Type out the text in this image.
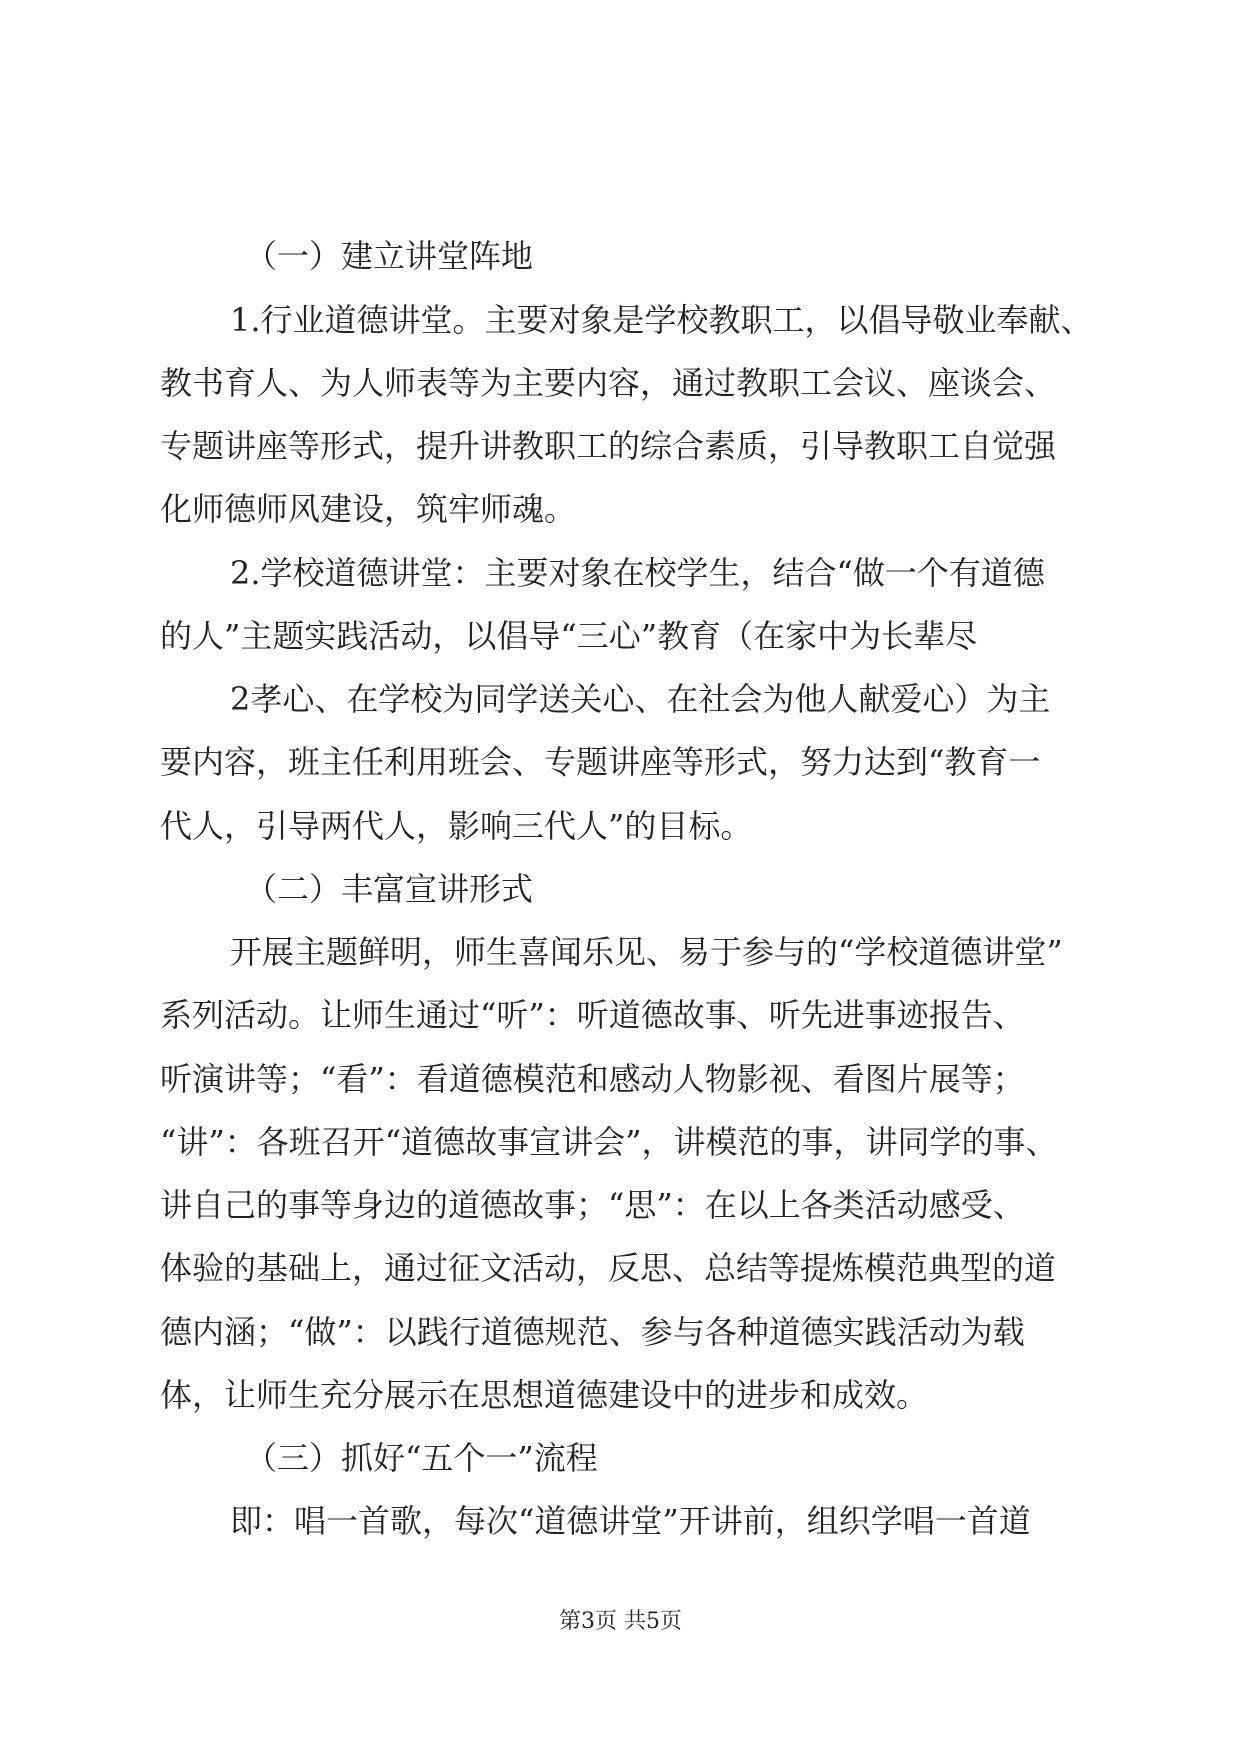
（一）建立讲堂阵地
1.行业道德讲堂。主要对象是学校教职工，以倡导敬业奉献、
教书育人、为人师表等为主要内容，通过教职工会议、座谈会、
专题讲座等形式，提升讲教职工的综合素质，引导教职工自觉强
化师德师风建设，筑牢师魂。
2.学校道德讲堂：主要对象在校学生，结合“做一个有道德
的人”主题实践活动，以倡导“三心”教育（在家中为长辈尽
2孝心、在学校为同学送关心、在社会为他人献爱心）为主
要内容，班主任利用班会、专题讲座等形式，努力达到“教育一
代人，引导两代人，影响三代人”的目标。
（二）丰富宣讲形式
开展主题鲜明，师生喜闻乐见、易于参与的“学校道德讲堂”
系列活动。让师生通过“听”：听道德故事、听先进事迹报告、
听演讲等；“看”：看道德模范和感动人物影视、看图片展等；
“讲”：各班召开“道德故事宣讲会”，讲模范的事，讲同学的事、
讲自己的事等身边的道德故事；“思”：在以上各类活动感受、
体验的基础上，通过征文活动，反思、总结等提炼模范典型的道
德内涵；“做”：以践行道德规范、参与各种道德实践活动为载
体，让师生充分展示在思想道德建设中的进步和成效。
（三）抓好“五个一”流程
即：唱一首歌，每次“道德讲堂”开讲前，组织学唱一首道
第3页 共5页
